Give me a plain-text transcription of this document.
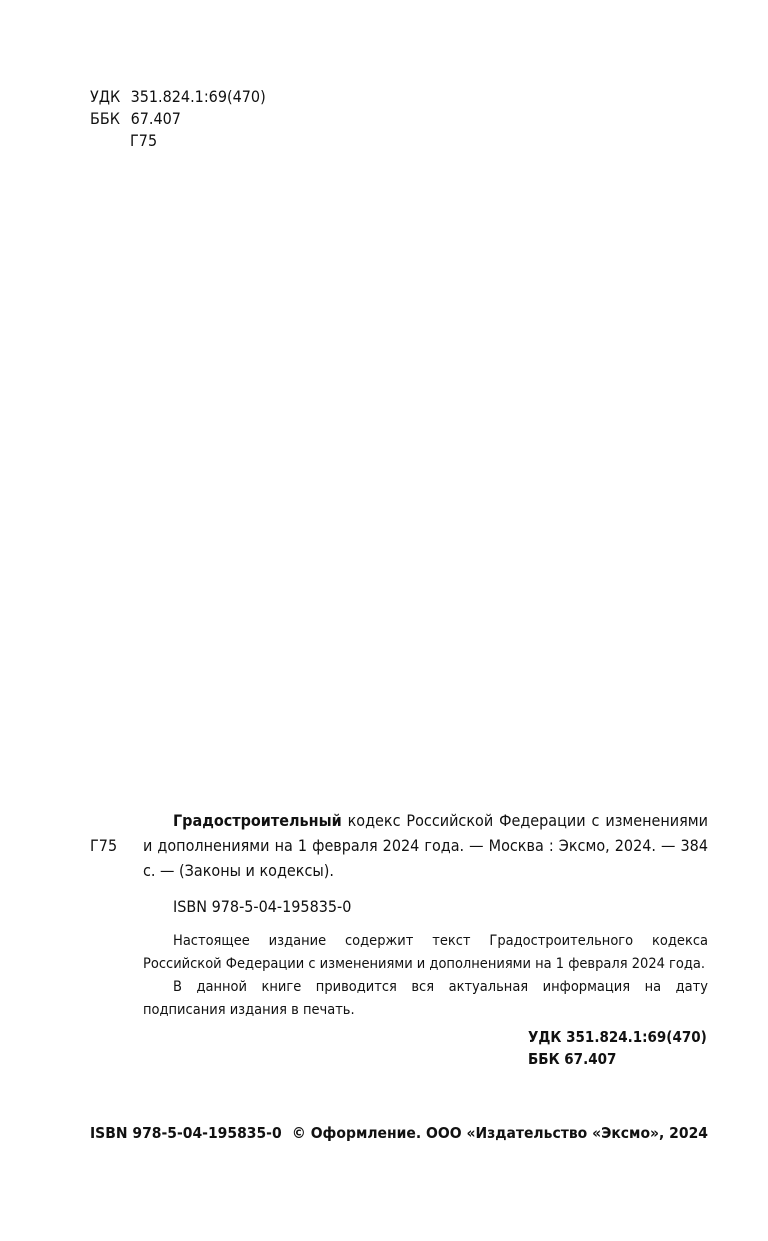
УДК 351.824.1:69(470)
ББК 67.407
Г75
Г75

Градостроительный кодекс Российской Федерации с изменениями и дополнениями на 1 февраля 2024 года. — Москва : Эксмо, 2024. — 384 с. — (Законы и кодексы).

ISBN 978-5-04-195835-0

Настоящее издание содержит текст Градостроительного кодекса Российской Федерации с изменениями и дополнениями на 1 февраля 2024 года.

В данной книге приводится вся актуальная информация на дату подписания издания в печать.

УДК 351.824.1:69(470)
ББК 67.407
ISBN 978-5-04-195835-0 © Оформление. ООО «Издательство «Эксмо», 2024
